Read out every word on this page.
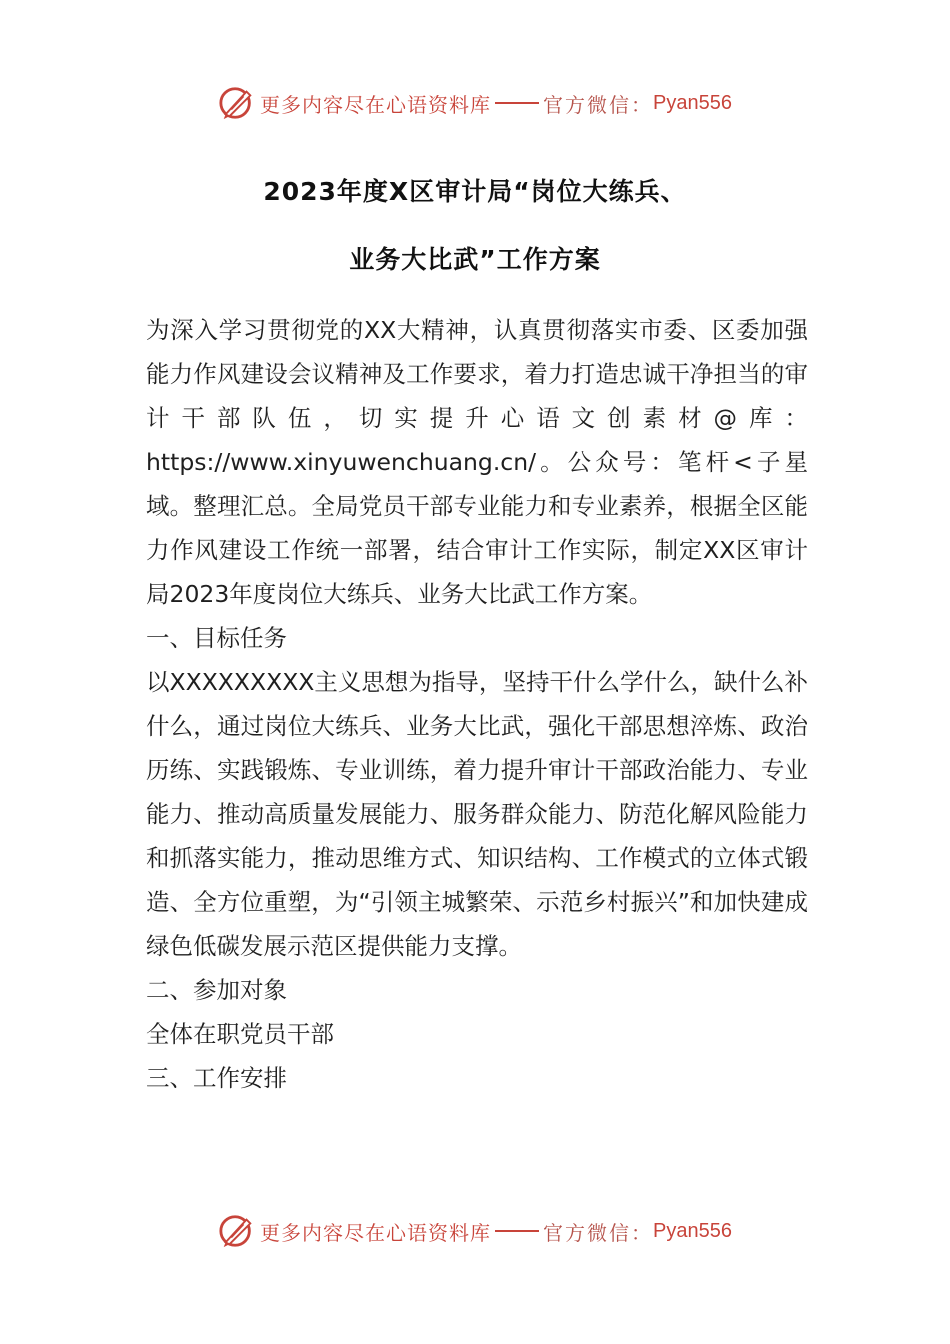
更多内容尽在心语资料库	官方微信： Pyan556
2023年度X区审计局“岗位大练兵、
业务大比武”工作方案

为深入学习贯彻党的XX大精神，认真贯彻落实市委、区委加强能力作风建设会议精神及工作要求，着力打造忠诚干净担当的审计干部队伍，切实提升心语文创素材@库：https://www.xinyuwenchuang.cn/。公众号：笔杆<子星域。整理汇总。全局党员干部专业能力和专业素养，根据全区能力作风建设工作统一部署，结合审计工作实际，制定XX区审计局2023年度岗位大练兵、业务大比武工作方案。

一、目标任务

以XXXXXXXXX主义思想为指导，坚持干什么学什么，缺什么补什么，通过岗位大练兵、业务大比武，强化干部思想淬炼、政治历练、实践锻炼、专业训练，着力提升审计干部政治能力、专业能力、推动高质量发展能力、服务群众能力、防范化解风险能力和抓落实能力，推动思维方式、知识结构、工作模式的立体式锻造、全方位重塑，为“引领主城繁荣、示范乡村振兴”和加快建成绿色低碳发展示范区提供能力支撑。

二、参加对象

全体在职党员干部

三、工作安排

更多内容尽在心语资料库	官方微信： Pyan556
